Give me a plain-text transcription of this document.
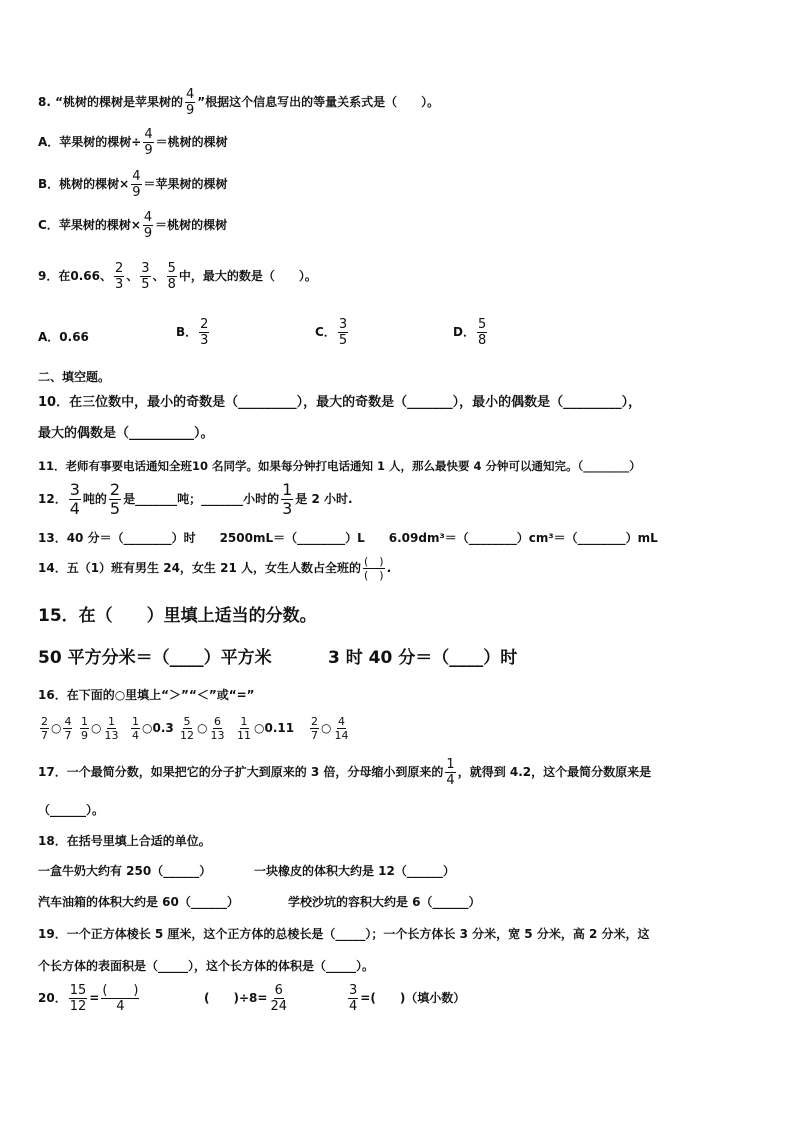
8. “桃树的棵树是苹果树的 $\frac{4}{9}$ ”根据这个信息写出的等量关系式是（　　）。
A．苹果树的棵树÷ $\frac{4}{9}$ ＝桃树的棵树
B．桃树的棵树× $\frac{4}{9}$ ＝苹果树的棵树
C．苹果树的棵树× $\frac{4}{9}$ ＝桃树的棵树
9．在0.66、 $\frac{2}{3}$ 、 $\frac{3}{5}$ 、 $\frac{5}{8}$ 中，最大的数是（　　）。
A．0.66	B． $\frac{2}{3}$	C． $\frac{3}{5}$	D． $\frac{5}{8}$
二、填空题。
10．在三位数中，最小的奇数是（_________），最大的奇数是（_______），最小的偶数是（_________），
最大的偶数是（__________）。
11．老师有事要电话通知全班10 名同学。如果每分钟打电话通知 1 人，那么最快要 4 分钟可以通知完。（________）
12． $\frac{3}{4}$ 吨的 $\frac{2}{5}$ 是_______吨；_______小时的 $\frac{1}{3}$ 是 2 小时.
13．40 分＝（________）时　　2500mL＝（________）L　　6.09dm³＝（________）cm³＝（________）mL
14．五（1）班有男生 24，女生 21 人，女生人数占全班的 $\frac{( )}{( )}$ .
15．在（　　）里填上适当的分数。
50 平方分米＝（____）平方米	3 时 40 分＝（____）时
16．在下面的○里填上“＞”“＜”或“=”
$\frac{2}{7}$ ○ $\frac{4}{7} \frac{1}{9}$ ○ $\frac{1}{13} \frac{1}{4}$ ○0.3 $\frac{5}{12}$ ○ $\frac{6}{13} \frac{1}{11}$ ○0.11 $\frac{2}{7}$ ○ $\frac{4}{14}$
17．一个最简分数，如果把它的分子扩大到原来的 3 倍，分母缩小到原来的 $\frac{1}{4}$ ，就得到 4.2，这个最简分数原来是
（______）。
18．在括号里填上合适的单位。
一盒牛奶大约有 250（______）	一块橡皮的体积大约是 12（______）
汽车油箱的体积大约是 60（______）	学校沙坑的容积大约是 6（______）
19．一个正方体棱长 5 厘米，这个正方体的总棱长是（_____）；一个长方体长 3 分米，宽 5 分米，高 2 分米，这
个长方体的表面积是（_____），这个长方体的体积是（_____）。
20． $\frac{15}{12} = \frac{( )}{4}$	(　　)$\div 8= \frac{6}{24}$	$\frac{3}{4}$ =(　　)（填小数）
